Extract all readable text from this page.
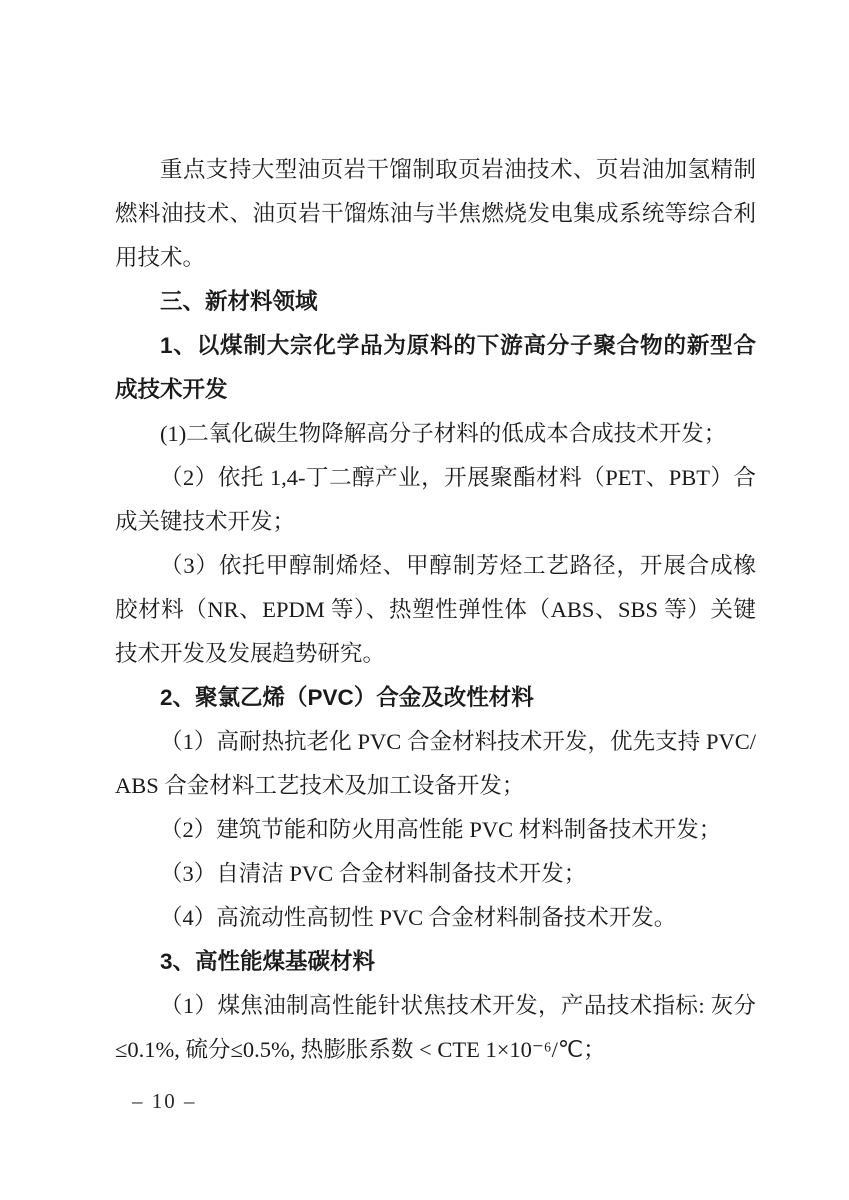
重点支持大型油页岩干馏制取页岩油技术、页岩油加氢精制燃料油技术、油页岩干馏炼油与半焦燃烧发电集成系统等综合利用技术。

三、新材料领域

1、以煤制大宗化学品为原料的下游高分子聚合物的新型合成技术开发

(1)二氧化碳生物降解高分子材料的低成本合成技术开发；

（2）依托 1,4-丁二醇产业，开展聚酯材料（PET、PBT）合成关键技术开发；

（3）依托甲醇制烯烃、甲醇制芳烃工艺路径，开展合成橡胶材料（NR、EPDM 等）、热塑性弹性体（ABS、SBS 等）关键技术开发及发展趋势研究。

2、聚氯乙烯（PVC）合金及改性材料

（1）高耐热抗老化 PVC 合金材料技术开发，优先支持 PVC/ABS 合金材料工艺技术及加工设备开发；

（2）建筑节能和防火用高性能 PVC 材料制备技术开发；

（3）自清洁 PVC 合金材料制备技术开发；

（4）高流动性高韧性 PVC 合金材料制备技术开发。

3、高性能煤基碳材料

（1）煤焦油制高性能针状焦技术开发，产品技术指标: 灰分≤0.1%, 硫分≤0.5%, 热膨胀系数 < CTE 1×10⁻⁶/℃；

– 10 –
